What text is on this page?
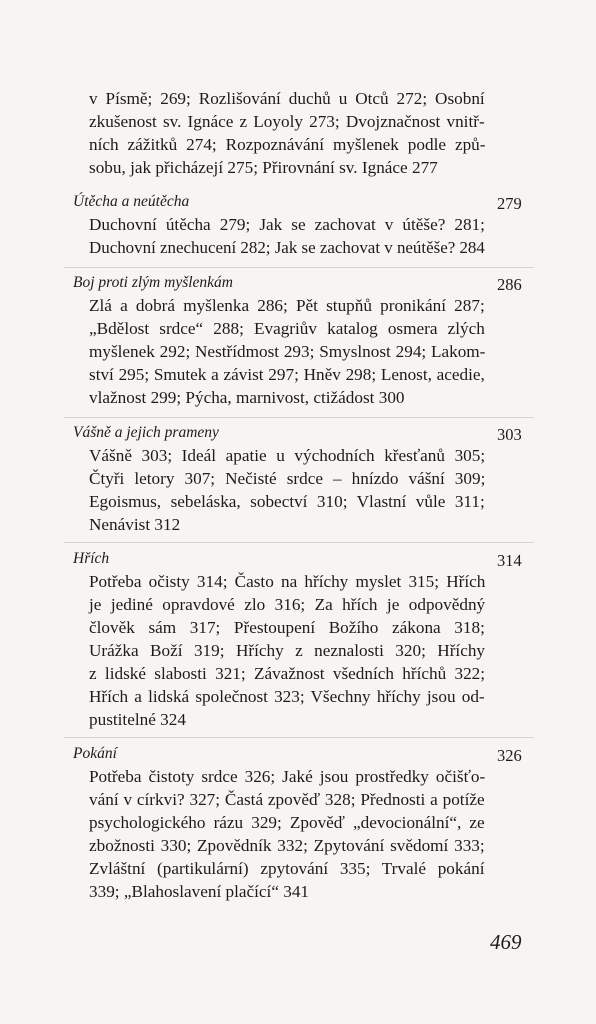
v Písmě; 269; Rozlišování duchů u Otců 272; Osobní
zkušenost sv. Ignáce z Loyoly 273; Dvojznačnost vnitř-
ních zážitků 274; Rozpoznávání myšlenek podle způ-
sobu, jak přicházejí 275; Přirovnání sv. Ignáce 277
Útěcha a neútěcha	279
Duchovní útěcha 279; Jak se zachovat v útěše? 281;
Duchovní znechucení 282; Jak se zachovat v neútěše? 284
Boj proti zlým myšlenkám	286
Zlá a dobrá myšlenka 286; Pět stupňů pronikání 287;
„Bdělost srdce“ 288; Evagriův katalog osmera zlých
myšlenek 292; Nestřídmost 293; Smyslnost 294; Lakom-
ství 295; Smutek a závist 297; Hněv 298; Lenost, acedie,
vlažnost 299; Pýcha, marnivost, ctižádost 300
Vášně a jejich prameny	303
Vášně 303; Ideál apatie u východních křesťanů 305;
Čtyři letory 307; Nečisté srdce – hnízdo vášní 309;
Egoismus, sebeláska, sobectví 310; Vlastní vůle 311;
Nenávist 312
Hřích	314
Potřeba očisty 314; Často na hříchy myslet 315; Hřích
je jediné opravdové zlo 316; Za hřích je odpovědný
člověk sám 317; Přestoupení Božího zákona 318;
Urážka Boží 319; Hříchy z neznalosti 320; Hříchy
z lidské slabosti 321; Závažnost všedních hříchů 322;
Hřích a lidská společnost 323; Všechny hříchy jsou od-
pustitelné 324
Pokání	326
Potřeba čistoty srdce 326; Jaké jsou prostředky očišťo-
vání v církvi? 327; Častá zpověď 328; Přednosti a potíže
psychologického rázu 329; Zpověď „devocionální“, ze
zbožnosti 330; Zpovědník 332; Zpytování svědomí 333;
Zvláštní (partikulární) zpytování 335; Trvalé pokání
339; „Blahoslavení plačící“ 341
469
